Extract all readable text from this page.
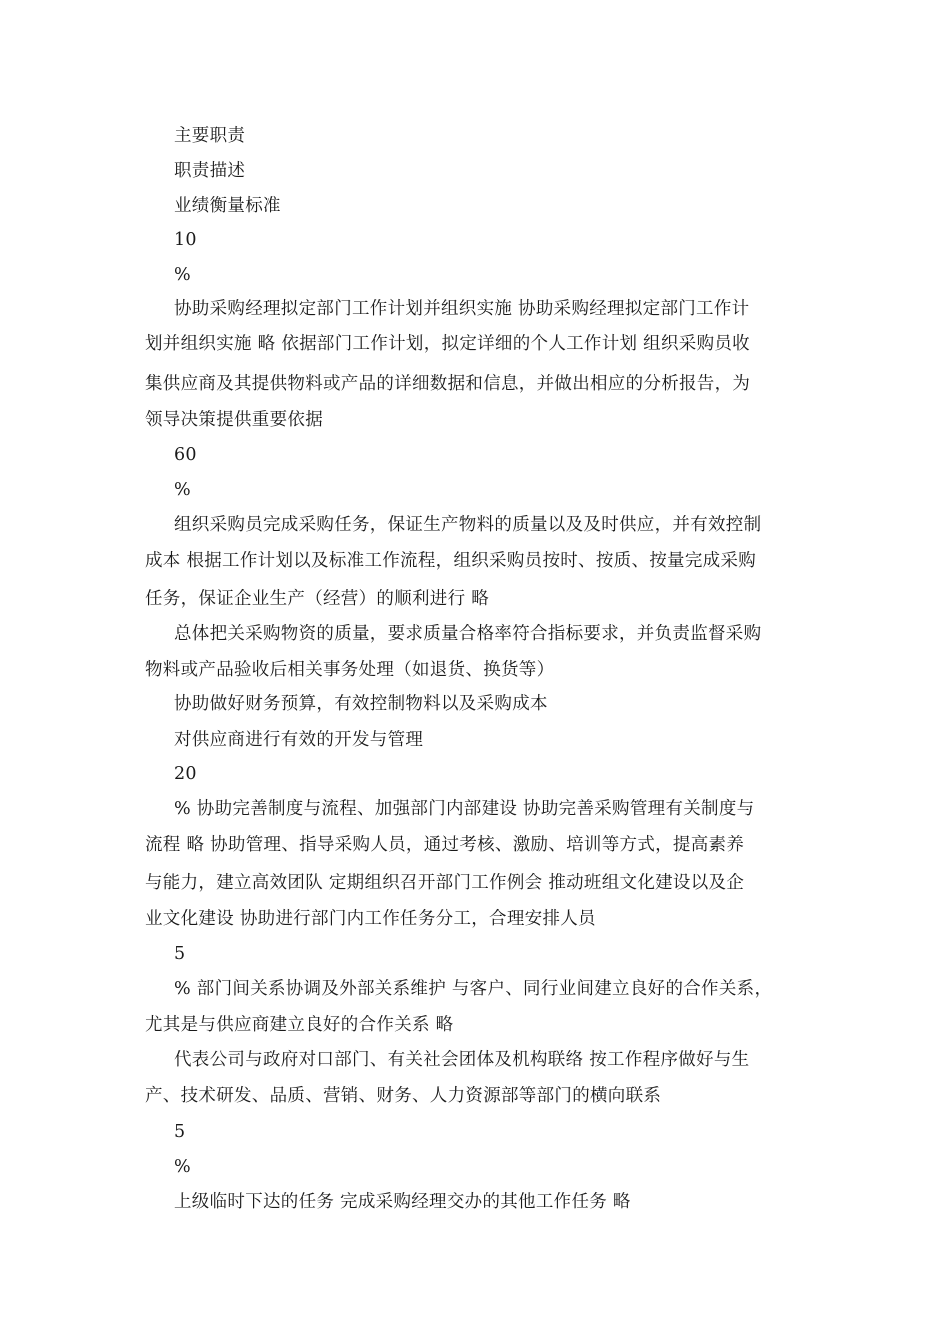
主要职责
职责描述
业绩衡量标准
10
%
协助采购经理拟定部门工作计划并组织实施 协助采购经理拟定部门工作计
划并组织实施 略 依据部门工作计划，拟定详细的个人工作计划 组织采购员收
集供应商及其提供物料或产品的详细数据和信息，并做出相应的分析报告，为
领导决策提供重要依据
60
%
组织采购员完成采购任务，保证生产物料的质量以及及时供应，并有效控制
成本 根据工作计划以及标准工作流程，组织采购员按时、按质、按量完成采购
任务，保证企业生产（经营）的顺利进行 略
总体把关采购物资的质量，要求质量合格率符合指标要求，并负责监督采购
物料或产品验收后相关事务处理（如退货、换货等）
协助做好财务预算，有效控制物料以及采购成本
对供应商进行有效的开发与管理
20
% 协助完善制度与流程、加强部门内部建设 协助完善采购管理有关制度与
流程 略 协助管理、指导采购人员，通过考核、激励、培训等方式，提高素养
与能力，建立高效团队 定期组织召开部门工作例会 推动班组文化建设以及企
业文化建设 协助进行部门内工作任务分工，合理安排人员
5
% 部门间关系协调及外部关系维护 与客户、同行业间建立良好的合作关系，
尤其是与供应商建立良好的合作关系 略
代表公司与政府对口部门、有关社会团体及机构联络 按工作程序做好与生
产、技术研发、品质、营销、财务、人力资源部等部门的横向联系
5
%
上级临时下达的任务 完成采购经理交办的其他工作任务 略
